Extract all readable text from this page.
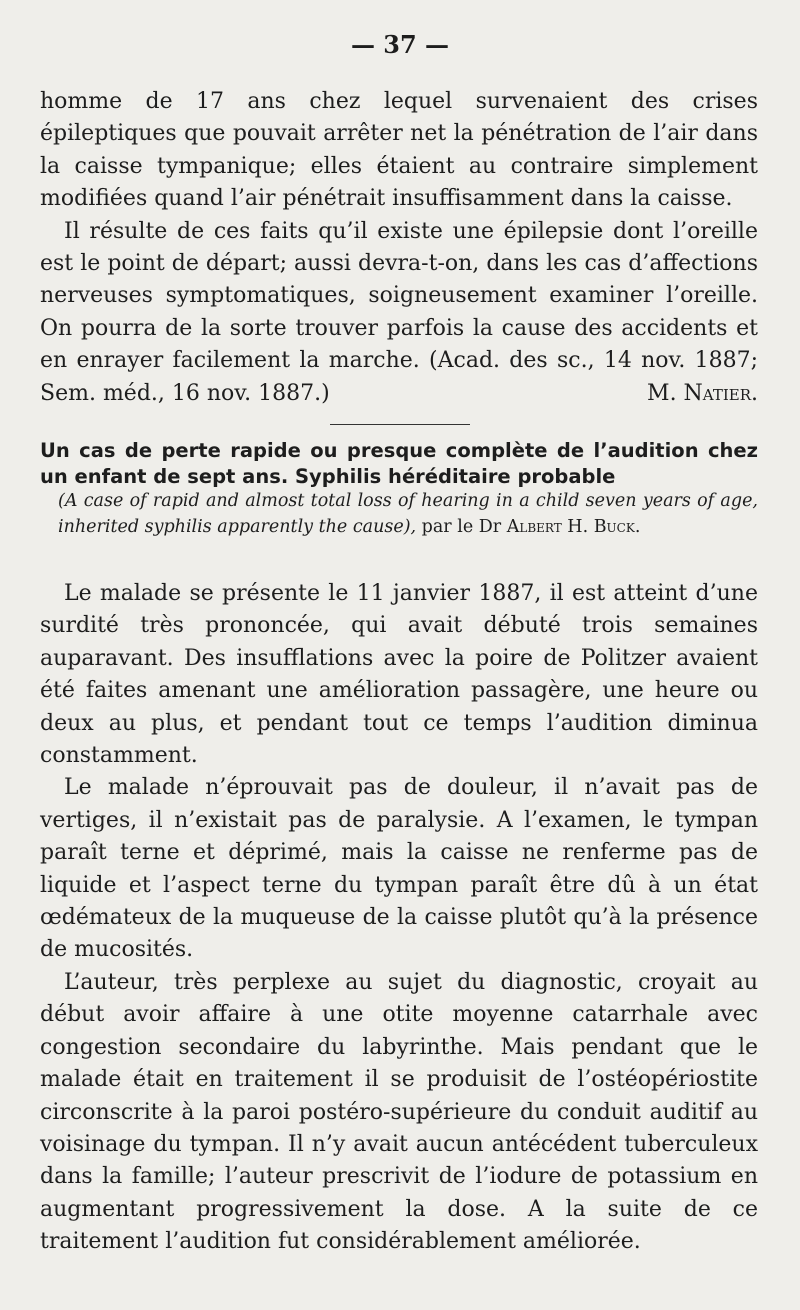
— 37 —

homme de 17 ans chez lequel survenaient des crises épileptiques que pouvait arrêter net la pénétration de l’air dans la caisse tympanique; elles étaient au contraire simplement modifiées quand l’air pénétrait insuffisamment dans la caisse.

Il résulte de ces faits qu’il existe une épilepsie dont l’oreille est le point de départ; aussi devra-t-on, dans les cas d’affections nerveuses symptomatiques, soigneusement examiner l’oreille. On pourra de la sorte trouver parfois la cause des accidents et en enrayer facilement la marche. (Acad. des sc., 14 nov. 1887; Sem. méd., 16 nov. 1887.)	M. Natier.

Un cas de perte rapide ou presque complète de l’audition chez un enfant de sept ans. Syphilis héréditaire probable
(A case of rapid and almost total loss of hearing in a child seven years of age, inherited syphilis apparently the cause), par le Dr Albert H. Buck.

Le malade se présente le 11 janvier 1887, il est atteint d’une surdité très prononcée, qui avait débuté trois semaines auparavant. Des insufflations avec la poire de Politzer avaient été faites amenant une amélioration passagère, une heure ou deux au plus, et pendant tout ce temps l’audition diminua constamment.

Le malade n’éprouvait pas de douleur, il n’avait pas de vertiges, il n’existait pas de paralysie. A l’examen, le tympan paraît terne et déprimé, mais la caisse ne renferme pas de liquide et l’aspect terne du tympan paraît être dû à un état œdémateux de la muqueuse de la caisse plutôt qu’à la présence de mucosités.

L’auteur, très perplexe au sujet du diagnostic, croyait au début avoir affaire à une otite moyenne catarrhale avec congestion secondaire du labyrinthe. Mais pendant que le malade était en traitement il se produisit de l’ostéopériostite circonscrite à la paroi postéro-supérieure du conduit auditif au voisinage du tympan. Il n’y avait aucun antécédent tuberculeux dans la famille; l’auteur prescrivit de l’iodure de potassium en augmentant progressivement la dose. A la suite de ce traitement l’audition fut considérablement améliorée.
